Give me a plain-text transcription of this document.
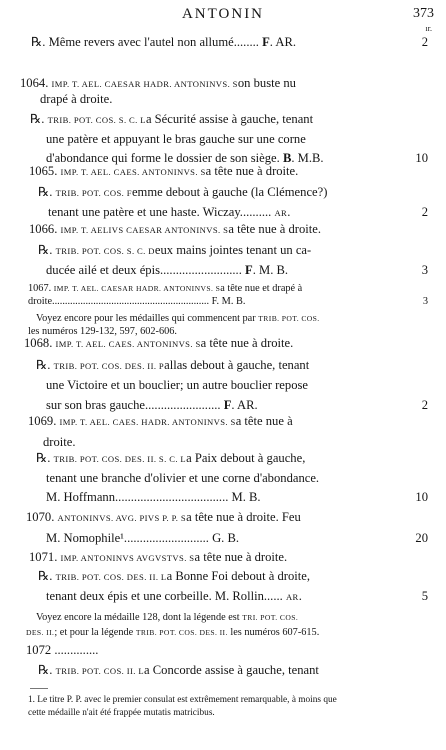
ANTONIN	373
ır.
℞. Même revers avec l'autel non allumé........ F. AR.	2
1064. IMP. T. AEL. CAESAR HADR. ANTONINVS. Son buste nu
drapé à droite.
℞. TRIB. POT. COS. S. C. La Sécurité assise à gauche, tenant
une patère et appuyant le bras gauche sur une corne
d'abondance qui forme le dossier de son siège. B. M.B.	10
1065. IMP. T. AEL. CAES. ANTONINVS. Sa tête nue à droite.
℞. TRIB. POT. COS. Femme debout à gauche (la Clémence?)
tenant une patère et une haste. Wiczay.......... AR.	2
1066. IMP. T. AELIVS CAESAR ANTONINVS. Sa tête nue à droite.
℞. TRIB. POT. COS. S. C. Deux mains jointes tenant un ca-
ducée ailé et deux épis.......................... F. M. B.	3
1067. IMP. T. AEL. CAESAR HADR. ANTONINVS. Sa tête nue et drapé à
droite............................................................. F. M. B.	3
Voyez encore pour les médailles qui commencent par TRIB. POT. COS.
les numéros 129-132, 597, 602-606.
1068. IMP. T. AEL. CAES. ANTONINVS. Sa tête nue à droite.
℞. TRIB. POT. COS. DES. II. Pallas debout à gauche, tenant
une Victoire et un bouclier; un autre bouclier repose
sur son bras gauche........................ F. AR.	2
1069. IMP. T. AEL. CAES. HADR. ANTONINVS. Sa tête nue à
droite.
℞. TRIB. POT. COS. DES. II. S. C. La Paix debout à gauche,
tenant une branche d'olivier et une corne d'abondance.
M. Hoffmann.................................... M. B.	10
1070. ANTONINVS. AVG. PIVS P. P. Sa tête nue à droite. Feu
M. Nomophile¹........................... G. B.	20
1071. IMP. ANTONINVS AVGVSTVS. Sa tête nue à droite.
℞. TRIB. POT. COS. DES. II. La Bonne Foi debout à droite,
tenant deux épis et une corbeille. M. Rollin...... AR.	5
Voyez encore la médaille 128, dont la légende est TRI. POT. COS.
DES. II.; et pour la légende TRIB. POT. COS. DES. II. les numéros 607-615.
1072 ..............
℞. TRIB. POT. COS. II. La Concorde assise à gauche, tenant
1. Le titre P. P. avec le premier consulat est extrêmement remarquable, à moins que
cette médaille n'ait été frappée mutatis matricibus.
